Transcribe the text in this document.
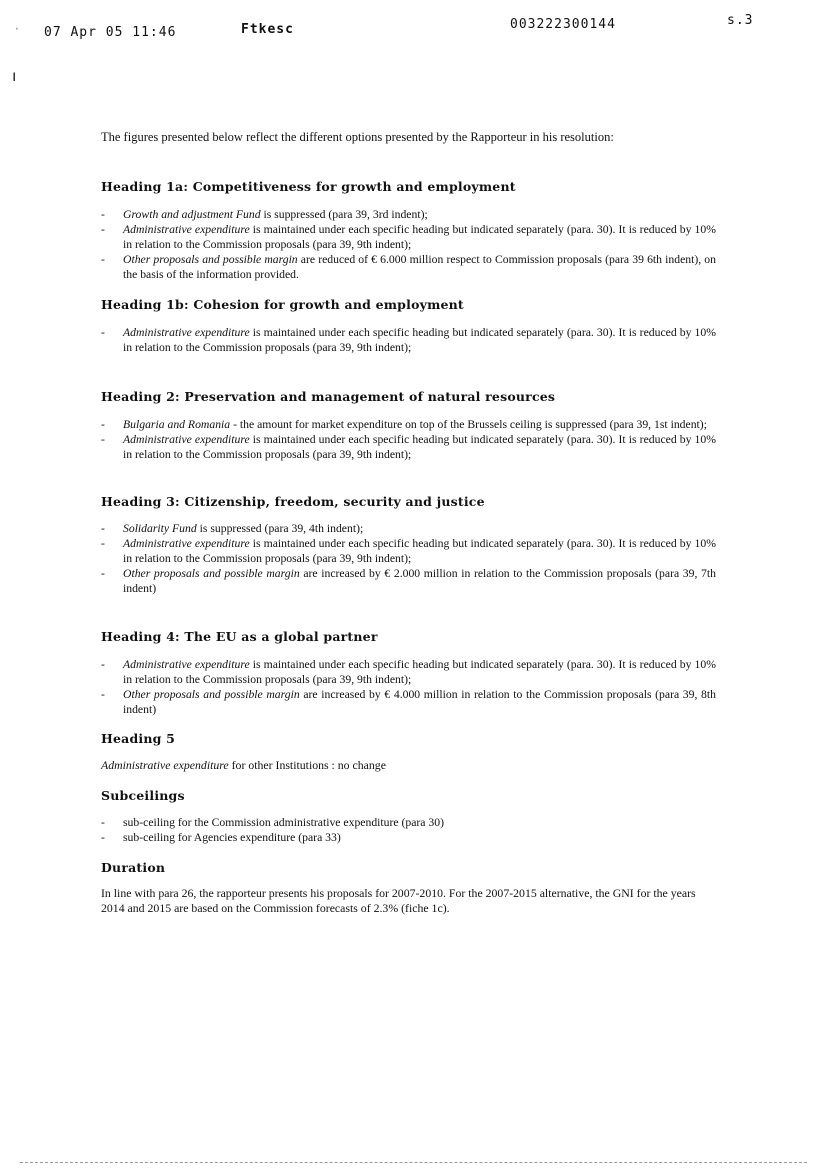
‘ 07 Apr 05 11:46	Ftkesc	003222300144	s.3
ı

The figures presented below reflect the different options presented by the Rapporteur in his resolution:

Heading 1a: Competitiveness for growth and employment
- Growth and adjustment Fund is suppressed (para 39, 3rd indent);
- Administrative expenditure is maintained under each specific heading but indicated separately (para. 30). It is reduced by 10% in relation to the Commission proposals (para 39, 9th indent);
- Other proposals and possible margin are reduced of € 6.000 million respect to Commission proposals (para 39 6th indent), on the basis of the information provided.
Heading 1b: Cohesion for growth and employment
- Administrative expenditure is maintained under each specific heading but indicated separately (para. 30). It is reduced by 10% in relation to the Commission proposals (para 39, 9th indent);
Heading 2: Preservation and management of natural resources
- Bulgaria and Romania - the amount for market expenditure on top of the Brussels ceiling is suppressed (para 39, 1st indent);
- Administrative expenditure is maintained under each specific heading but indicated separately (para. 30). It is reduced by 10% in relation to the Commission proposals (para 39, 9th indent);
Heading 3: Citizenship, freedom, security and justice
- Solidarity Fund is suppressed (para 39, 4th indent);
- Administrative expenditure is maintained under each specific heading but indicated separately (para. 30). It is reduced by 10% in relation to the Commission proposals (para 39, 9th indent);
- Other proposals and possible margin are increased by € 2.000 million in relation to the Commission proposals (para 39, 7th indent)
Heading 4: The EU as a global partner
- Administrative expenditure is maintained under each specific heading but indicated separately (para. 30). It is reduced by 10% in relation to the Commission proposals (para 39, 9th indent);
- Other proposals and possible margin are increased by € 4.000 million in relation to the Commission proposals (para 39, 8th indent)
Heading 5

Administrative expenditure for other Institutions : no change

Subceilings
- sub-ceiling for the Commission administrative expenditure (para 30)
- sub-ceiling for Agencies expenditure (para 33)
Duration

In line with para 26, the rapporteur presents his proposals for 2007-2010. For the 2007-2015 alternative, the GNI for the years 2014 and 2015 are based on the Commission forecasts of 2.3% (fiche 1c).
